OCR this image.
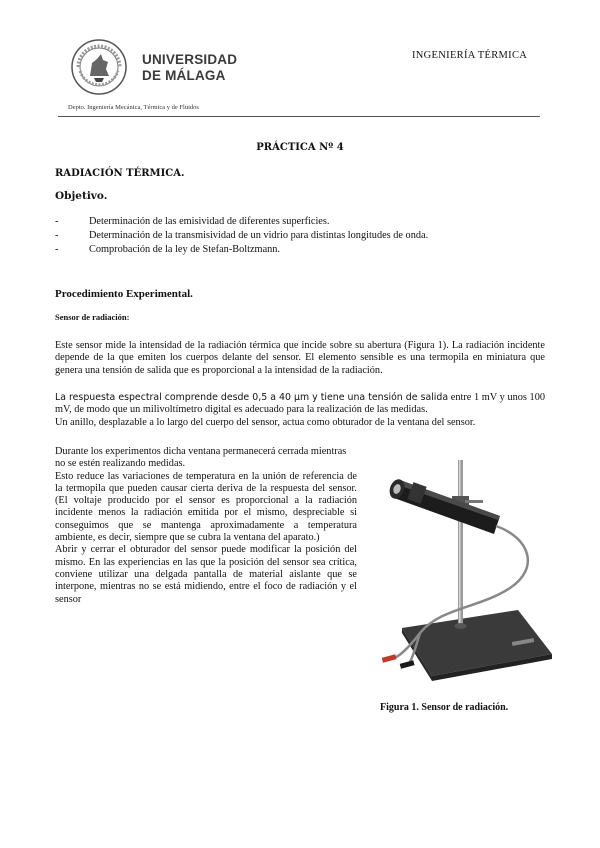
UNIVERSIDAD
DE MÁLAGA
INGENIERÍA TÉRMICA
Depto. Ingeniería Mecánica, Térmica y de Fluidos
PRÁCTICA Nº 4
RADIACIÓN TÉRMICA.
Objetivo.
-	Determinación de las emisividad de diferentes superficies.
-	Determinación de la transmisividad de un vidrio para distintas longitudes de onda.
-	Comprobación de la ley de Stefan-Boltzmann.
Procedimiento Experimental.
Sensor de radiación:
Este sensor mide la intensidad de la radiación térmica que incide sobre su abertura (Figura 1). La radiación incidente depende de la que emiten los cuerpos delante del sensor. El elemento sensible es una termopila en miniatura que genera una tensión de salida que es proporcional a la intensidad de la radiación.
La respuesta espectral comprende desde 0,5 a 40 µm y tiene una tensión de salida entre 1 mV y unos 100 mV, de modo que un milivoltímetro digital es adecuado para la realización de las medidas.
Un anillo, desplazable a lo largo del cuerpo del sensor, actua como obturador de la ventana del sensor.
Durante los experimentos dicha ventana permanecerá cerrada mientras no se estén realizando medidas.
Esto reduce las variaciones de temperatura en la unión de referencia de la termopila que pueden causar cierta deriva de la respuesta del sensor. (El voltaje producido por el sensor es proporcional a la radiación incidente menos la radiación emitida por el mismo, despreciable si conseguimos que se mantenga aproximadamente a temperatura ambiente, es decir, siempre que se cubra la ventana del aparato.)
Abrir y cerrar el obturador del sensor puede modificar la posición del mismo. En las experiencias en las que la posición del sensor sea crítica, conviene utilizar una delgada pantalla de material aislante que se interpone, mientras no se está midiendo, entre el foco de radiación y el sensor
Figura 1. Sensor de radiación.
